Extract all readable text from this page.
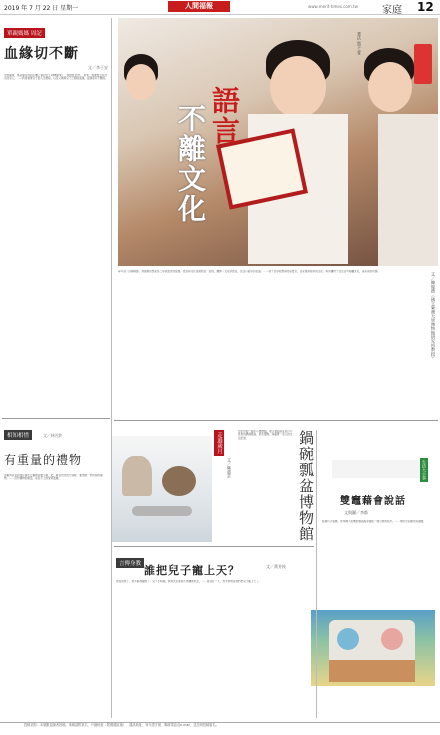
2019 年 7 月 22 日 星期一	人間福報	www.merit-times.com.tw 家庭 12
單親媽媽 周記
血緣切不斷
文／李子安
中秋期來，無意間在我的手機上看到女子LINE貼來了「我的寶貝們」，原來，他像想念在北京的家人。……我常看著兒子的人生旅程，以及父親與兒子之間的血緣，血緣是切不斷的。
相知相惜	文／林芳鈴
有重量的禮物
加重對長者的我有個生日禮物需要父親，吧，就在台北的分別時，要送她一份特別的禮物。……這份禮物的重量，是在手上的愛與溫暖。
語言
不離文化
書法 寫下 愛
文／陳俊蒨（國立臺灣大學博物館研究所教授）
每年到了這個時節，我總會回想起自己學習語言的經歷。語言和文化是連結在一起的，離開了文化學語言，往往只能學到表面。……孩子在學校裡學的是語言，在家裡卻能學到文化。如何讓孩子在生活中接觸文化，是家長的功課。
走過歲月
文／鄭惠雲	鍋碗瓢盆博物館
台中市的一間小小博物館，展示著從前家家戶戶使用的鍋碗瓢盆，那些器物，承載著一家人的生活記憶。
生活大小事
雙竈藉會說話
文與圖／李都
經過巧手裝飾，原本醜不拉嘰的雙竈搖身變成一個可愛的設計。……帶給全家歡笑與溫暖。
言傳身教 誰把兒子寵上天？	文／黃芳枝
現在的孩子，很多都被寵壞了。兒子小時候，我與先生都捨不得讓他吃苦，……直到有一天，我才發現是我們把兒子寵上天了。
投稿須知：本版歡迎讀者投稿，來稿請附真名、戶籍地址（附郵遞區號）、通訊地址、身分證字號、聯絡電話及e-mail，並註明投稿版名。
